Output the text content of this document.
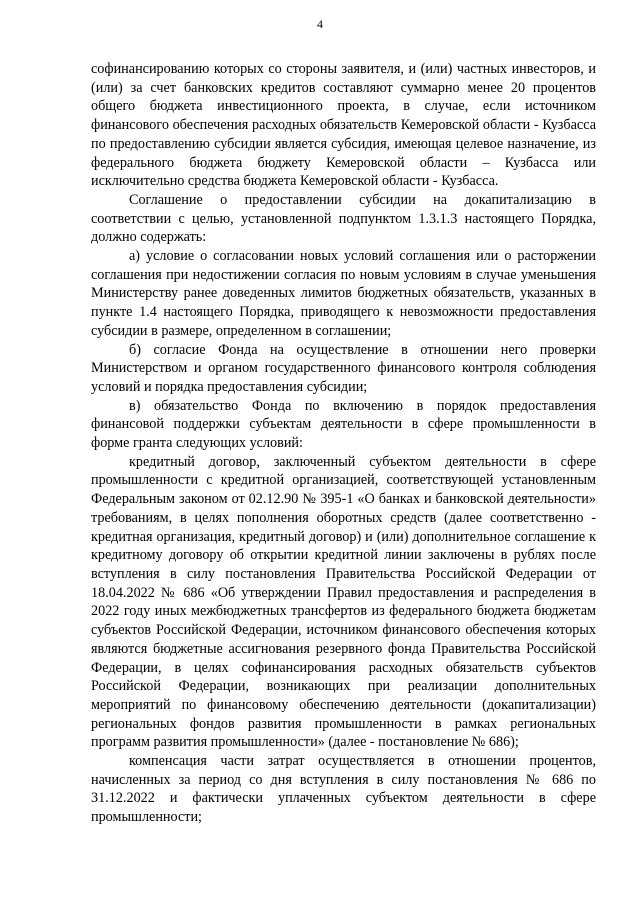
4

софинансированию которых со стороны заявителя, и (или) частных инвесторов, и (или) за счет банковских кредитов составляют суммарно менее 20 процентов общего бюджета инвестиционного проекта, в случае, если источником финансового обеспечения расходных обязательств Кемеровской области - Кузбасса по предоставлению субсидии является субсидия, имеющая целевое назначение, из федерального бюджета бюджету Кемеровской области – Кузбасса или исключительно средства бюджета Кемеровской области - Кузбасса.

Соглашение о предоставлении субсидии на докапитализацию в соответствии с целью, установленной подпунктом 1.3.1.3 настоящего Порядка, должно содержать:

а) условие о согласовании новых условий соглашения или о расторжении соглашения при недостижении согласия по новым условиям в случае уменьшения Министерству ранее доведенных лимитов бюджетных обязательств, указанных в пункте 1.4 настоящего Порядка, приводящего к невозможности предоставления субсидии в размере, определенном в соглашении;

б) согласие Фонда на осуществление в отношении него проверки Министерством и органом государственного финансового контроля соблюдения условий и порядка предоставления субсидии;

в) обязательство Фонда по включению в порядок предоставления финансовой поддержки субъектам деятельности в сфере промышленности в форме гранта следующих условий:

кредитный договор, заключенный субъектом деятельности в сфере промышленности с кредитной организацией, соответствующей установленным Федеральным законом от 02.12.90 № 395-1 «О банках и банковской деятельности» требованиям, в целях пополнения оборотных средств (далее соответственно - кредитная организация, кредитный договор) и (или) дополнительное соглашение к кредитному договору об открытии кредитной линии заключены в рублях после вступления в силу постановления Правительства Российской Федерации от 18.04.2022 № 686 «Об утверждении Правил предоставления и распределения в 2022 году иных межбюджетных трансфертов из федерального бюджета бюджетам субъектов Российской Федерации, источником финансового обеспечения которых являются бюджетные ассигнования резервного фонда Правительства Российской Федерации, в целях софинансирования расходных обязательств субъектов Российской Федерации, возникающих при реализации дополнительных мероприятий по финансовому обеспечению деятельности (докапитализации) региональных фондов развития промышленности в рамках региональных программ развития промышленности» (далее - постановление № 686);

компенсация части затрат осуществляется в отношении процентов, начисленных за период со дня вступления в силу постановления № 686 по 31.12.2022 и фактически уплаченных субъектом деятельности в сфере промышленности;
